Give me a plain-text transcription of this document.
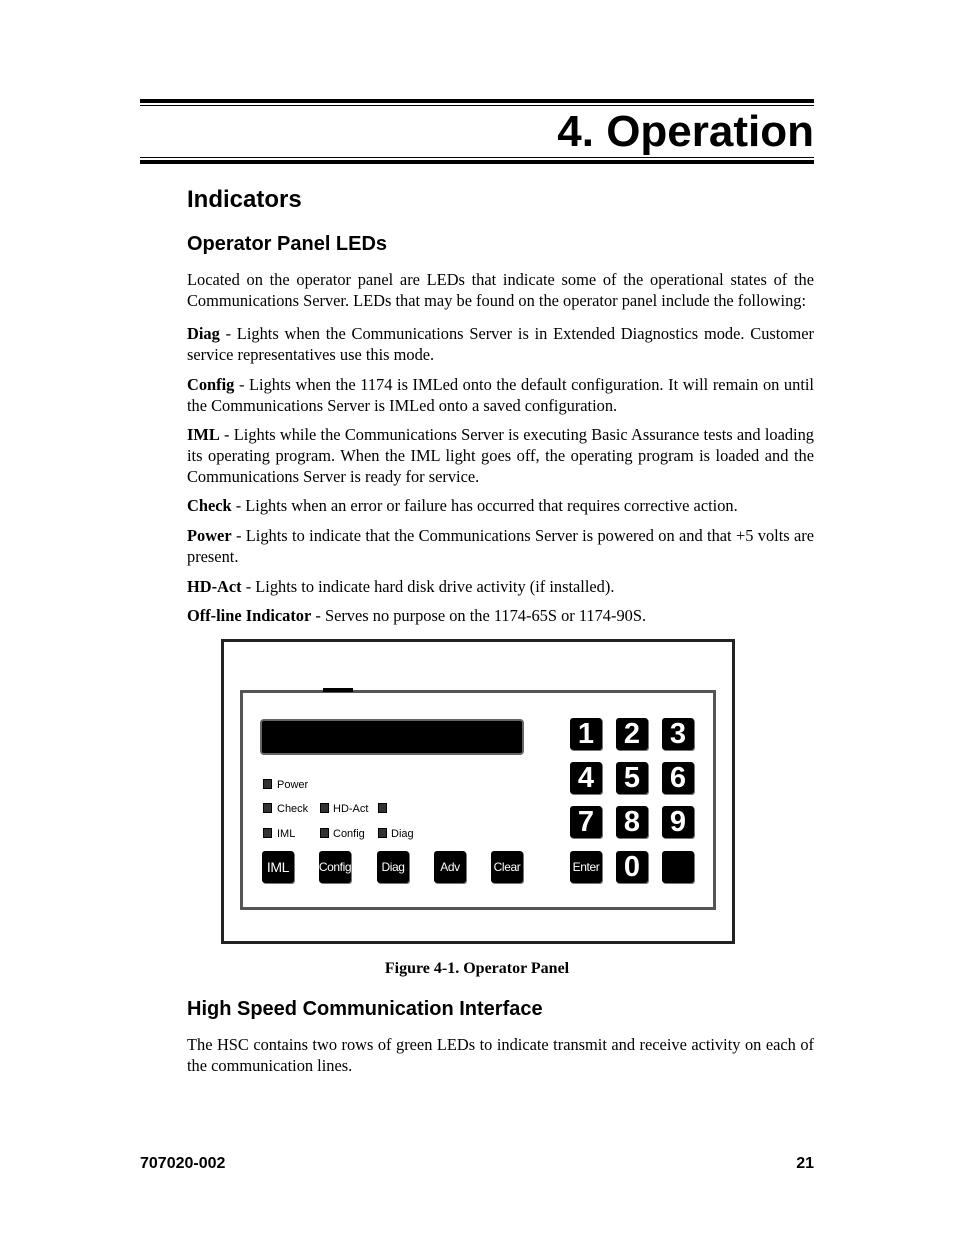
4. Operation
Indicators
Operator Panel LEDs

Located on the operator panel are LEDs that indicate some of the operational states of the Communications Server. LEDs that may be found on the operator panel include the following:

Diag - Lights when the Communications Server is in Extended Diagnostics mode. Customer service representatives use this mode.

Config - Lights when the 1174 is IMLed onto the default configuration. It will remain on until the Communications Server is IMLed onto a saved configuration.

IML - Lights while the Communications Server is executing Basic Assurance tests and loading its operating program. When the IML light goes off, the operating program is loaded and the Communications Server is ready for service.

Check - Lights when an error or failure has occurred that requires corrective action.

Power - Lights to indicate that the Communications Server is powered on and that +5 volts are present.

HD-Act - Lights to indicate hard disk drive activity (if installed).

Off-line Indicator - Serves no purpose on the 1174-65S or 1174-90S.

Power
Check HD-Act
IML	Config Diag
IML	Config	Diag	Adv	Clear	Enter
1 2 3
4 5 6
7 8 9
0

Figure 4-1. Operator Panel

High Speed Communication Interface

The HSC contains two rows of green LEDs to indicate transmit and receive activity on each of the communication lines.

707020-002	21
